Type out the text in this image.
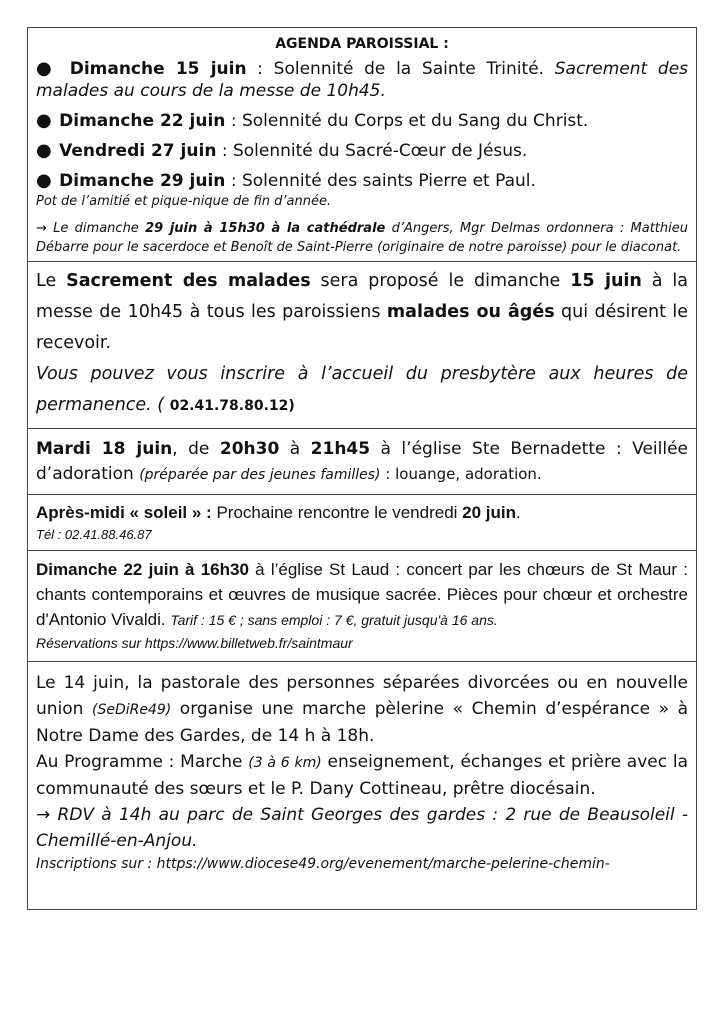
AGENDA PAROISSIAL :

● Dimanche 15 juin : Solennité de la Sainte Trinité. Sacrement des malades au cours de la messe de 10h45.

● Dimanche 22 juin : Solennité du Corps et du Sang du Christ.

● Vendredi 27 juin : Solennité du Sacré-Cœur de Jésus.

● Dimanche 29 juin : Solennité des saints Pierre et Paul.

Pot de l’amitié et pique-nique de fin d’année.

→ Le dimanche 29 juin à 15h30 à la cathédrale d’Angers, Mgr Delmas ordonnera : Matthieu Débarre pour le sacerdoce et Benoît de Saint-Pierre (originaire de notre paroisse) pour le diaconat.

Le Sacrement des malades sera proposé le dimanche 15 juin à la messe de 10h45 à tous les paroissiens malades ou âgés qui désirent le recevoir.

Vous pouvez vous inscrire à l’accueil du presbytère aux heures de permanence. ( 02.41.78.80.12)

Mardi 18 juin, de 20h30 à 21h45 à l’église Ste Bernadette : Veillée d’adoration (préparée par des jeunes familles) : louange, adoration.

Après-midi « soleil » : Prochaine rencontre le vendredi 20 juin.

Tél : 02.41.88.46.87

Dimanche 22 juin à 16h30 à l’église St Laud : concert par les chœurs de St Maur : chants contemporains et œuvres de musique sacrée. Pièces pour chœur et orchestre d'Antonio Vivaldi. Tarif : 15 € ; sans emploi : 7 €, gratuit jusqu'à 16 ans.

Réservations sur https://www.billetweb.fr/saintmaur

Le 14 juin, la pastorale des personnes séparées divorcées ou en nouvelle union (SeDiRe49) organise une marche pèlerine « Chemin d’espérance » à Notre Dame des Gardes, de 14 h à 18h.

Au Programme : Marche (3 à 6 km) enseignement, échanges et prière avec la communauté des sœurs et le P. Dany Cottineau, prêtre diocésain.

→ RDV à 14h au parc de Saint Georges des gardes : 2 rue de Beausoleil - Chemillé-en-Anjou.

Inscriptions sur : https://www.diocese49.org/evenement/marche-pelerine-chemin-
